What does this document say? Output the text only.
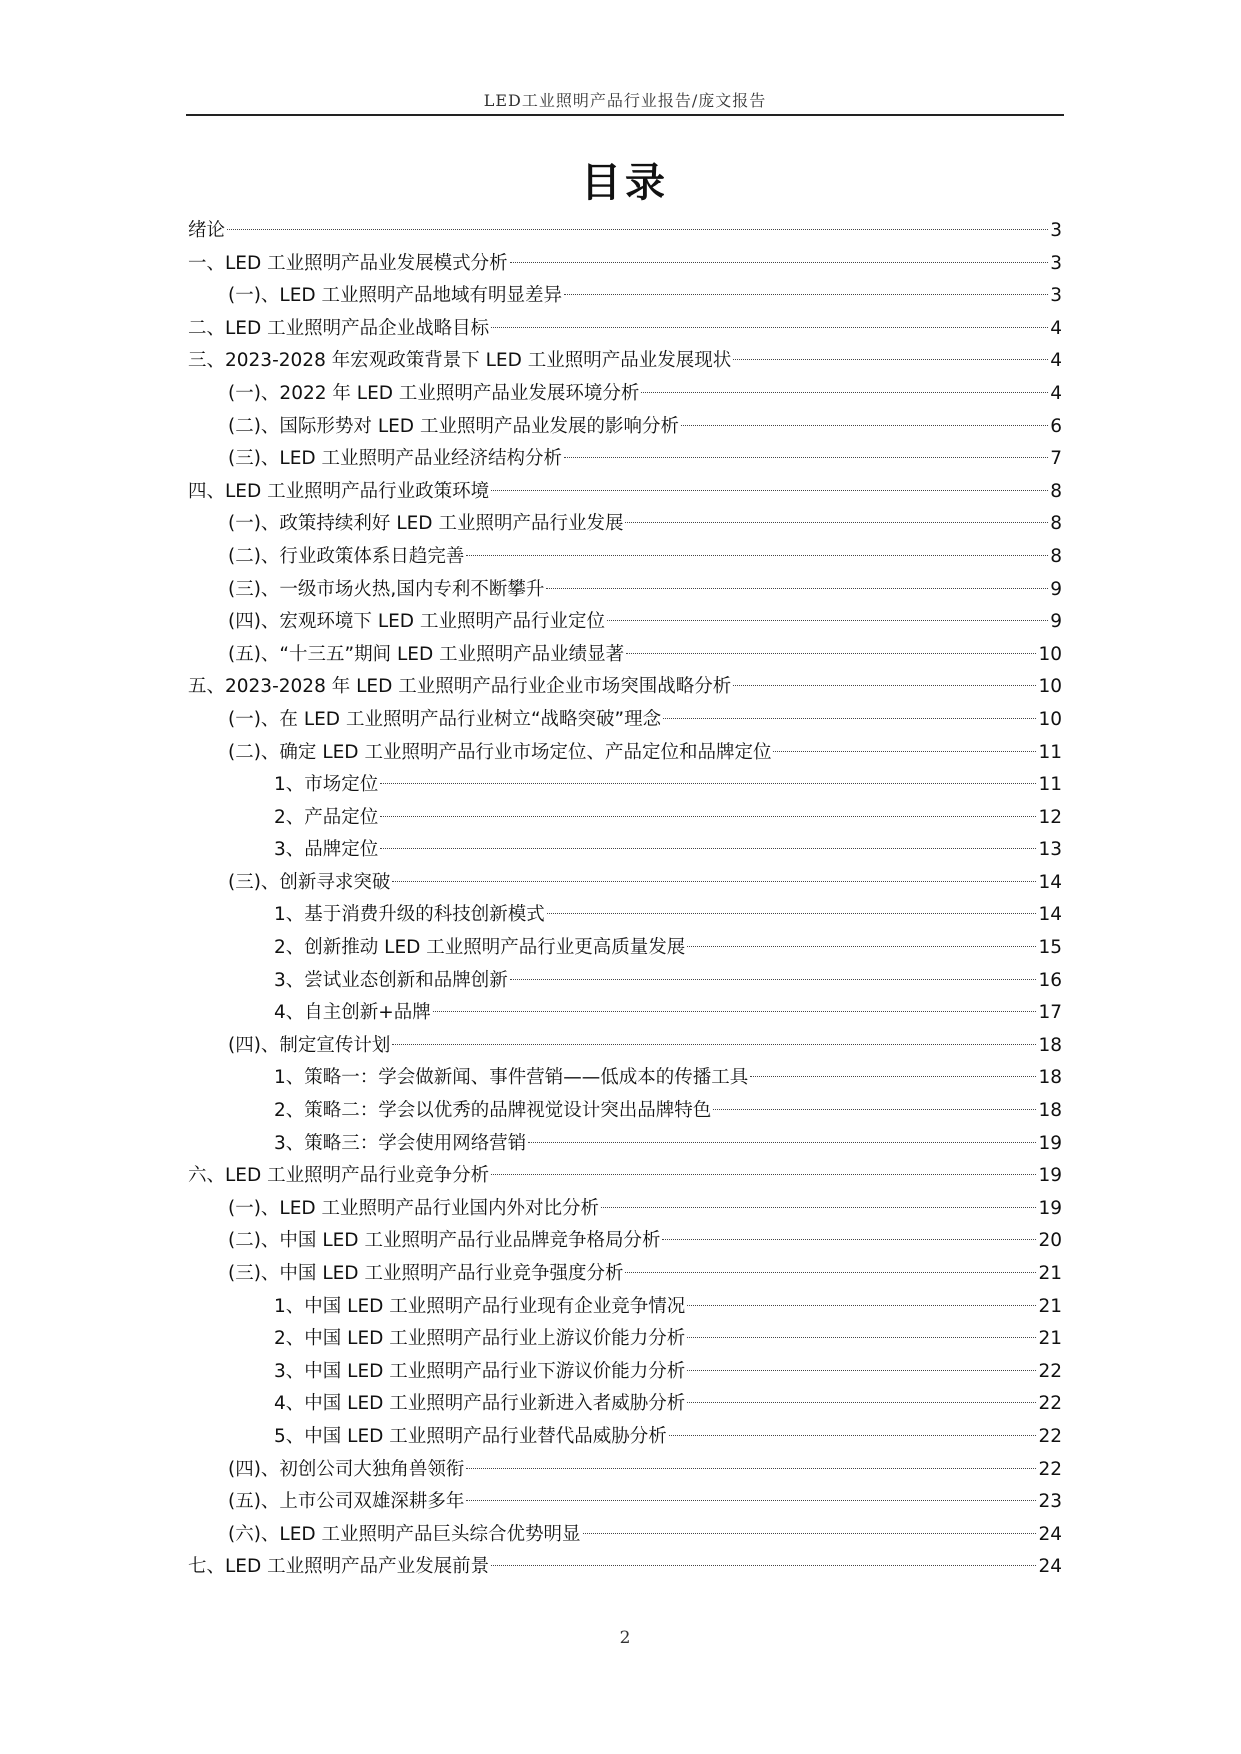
LED工业照明产品行业报告/庞文报告
目录
绪论	3
一、LED 工业照明产品业发展模式分析	3
(一)、LED 工业照明产品地域有明显差异	3
二、LED 工业照明产品企业战略目标	4
三、2023-2028 年宏观政策背景下 LED 工业照明产品业发展现状	4
(一)、2022 年 LED 工业照明产品业发展环境分析	4
(二)、国际形势对 LED 工业照明产品业发展的影响分析	6
(三)、LED 工业照明产品业经济结构分析	7
四、LED 工业照明产品行业政策环境	8
(一)、政策持续利好 LED 工业照明产品行业发展	8
(二)、行业政策体系日趋完善	8
(三)、一级市场火热,国内专利不断攀升	9
(四)、宏观环境下 LED 工业照明产品行业定位	9
(五)、“十三五”期间 LED 工业照明产品业绩显著	10
五、2023-2028 年 LED 工业照明产品行业企业市场突围战略分析	10
(一)、在 LED 工业照明产品行业树立“战略突破”理念	10
(二)、确定 LED 工业照明产品行业市场定位、产品定位和品牌定位	11
1、市场定位	11
2、产品定位	12
3、品牌定位	13
(三)、创新寻求突破	14
1、基于消费升级的科技创新模式	14
2、创新推动 LED 工业照明产品行业更高质量发展	15
3、尝试业态创新和品牌创新	16
4、自主创新+品牌	17
(四)、制定宣传计划	18
1、策略一：学会做新闻、事件营销——低成本的传播工具	18
2、策略二：学会以优秀的品牌视觉设计突出品牌特色	18
3、策略三：学会使用网络营销	19
六、LED 工业照明产品行业竞争分析	19
(一)、LED 工业照明产品行业国内外对比分析	19
(二)、中国 LED 工业照明产品行业品牌竞争格局分析	20
(三)、中国 LED 工业照明产品行业竞争强度分析	21
1、中国 LED 工业照明产品行业现有企业竞争情况	21
2、中国 LED 工业照明产品行业上游议价能力分析	21
3、中国 LED 工业照明产品行业下游议价能力分析	22
4、中国 LED 工业照明产品行业新进入者威胁分析	22
5、中国 LED 工业照明产品行业替代品威胁分析	22
(四)、初创公司大独角兽领衔	22
(五)、上市公司双雄深耕多年	23
(六)、LED 工业照明产品巨头综合优势明显	24
七、LED 工业照明产品产业发展前景	24
2
